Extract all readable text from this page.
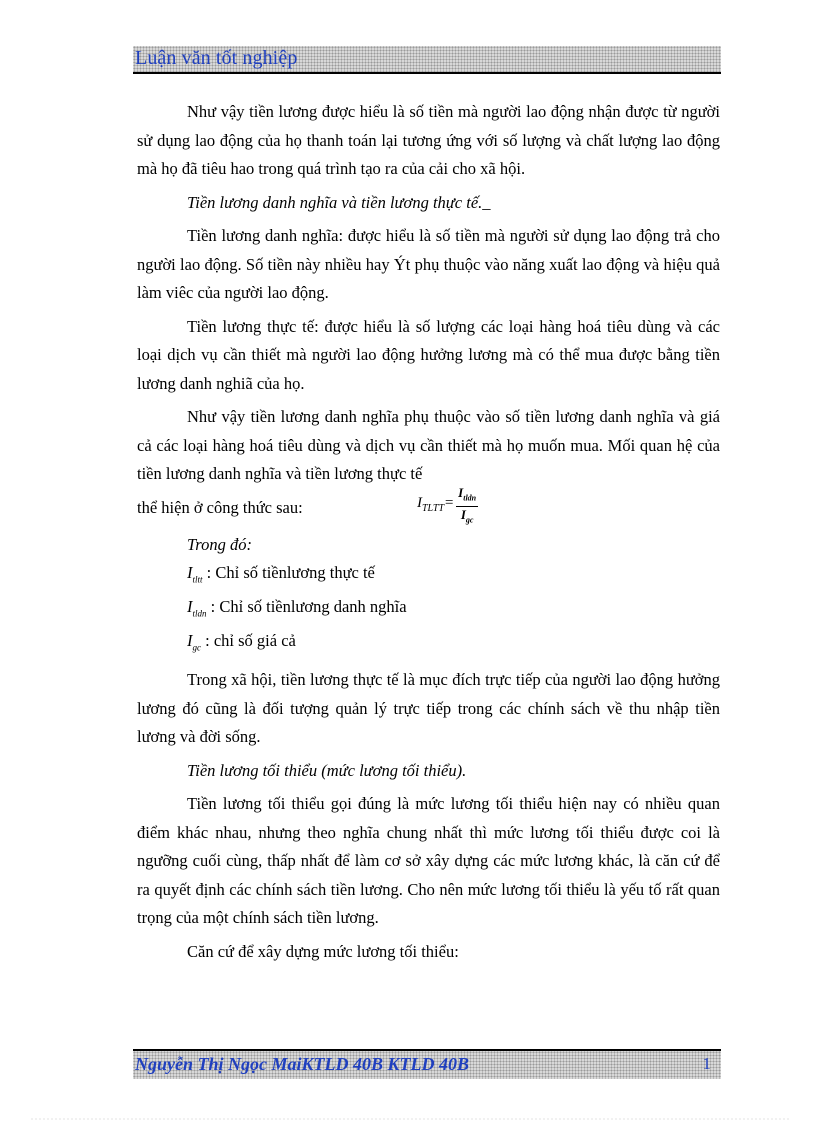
Luận văn tốt nghiệp

Như vậy tiền lương được hiểu là số tiền mà người lao động nhận được từ người sử dụng lao động của họ thanh toán lại tương ứng với số lượng và chất lượng lao động mà họ đã tiêu hao trong quá trình tạo ra của cải cho xã hội.

Tiền lương danh nghĩa và tiền lương thực tế._

Tiền lương danh nghĩa: được hiểu là số tiền mà người sử dụng lao động trả cho người lao động. Số tiền này nhiều hay Ýt phụ thuộc vào năng xuất lao động và hiệu quả làm viêc của người lao động.

Tiền lương thực tế: được hiểu là số lượng các loại hàng hoá tiêu dùng và các loại dịch vụ cần thiết mà người lao động hưởng lương mà có thể mua được bằng tiền lương danh nghiã của họ.

Như vậy tiền lương danh nghĩa phụ thuộc vào số tiền lương danh nghĩa và giá cả các loại hàng hoá tiêu dùng và dịch vụ cần thiết mà họ muốn mua. Mối quan hệ của tiền lương danh nghĩa và tiền lương thực tế

thể hiện ở công thức sau:	$I_{TLTT}= \frac{I_{tldn}}{I_{gc}}$
Trong đó:
$I_{tltt}$ : Chỉ số tiềnlương thực tế
$I_{tldn}$ : Chỉ số tiềnlương danh nghĩa
$I_{gc}$ : chỉ số giá cả

Trong xã hội, tiền lương thực tế là mục đích trực tiếp của người lao động hưởng lương đó cũng là đối tượng quản lý trực tiếp trong các chính sách về thu nhập tiền lương và đời sống.

Tiền lương tối thiểu (mức lương tối thiểu).

Tiền lương tối thiểu gọi đúng là mức lương tối thiểu hiện nay có nhiều quan điểm khác nhau, nhưng theo nghĩa chung nhất thì mức lương tối thiểu được coi là ngưỡng cuối cùng, thấp nhất để làm cơ sở xây dựng các mức lương khác, là căn cứ để ra quyết định các chính sách tiền lương. Cho nên mức lương tối thiểu là yếu tố rất quan trọng của một chính sách tiền lương.

Căn cứ để xây dựng mức lương tối thiểu:

Nguyễn Thị Ngọc MaiKTLD 40B KTLD 40B	1
